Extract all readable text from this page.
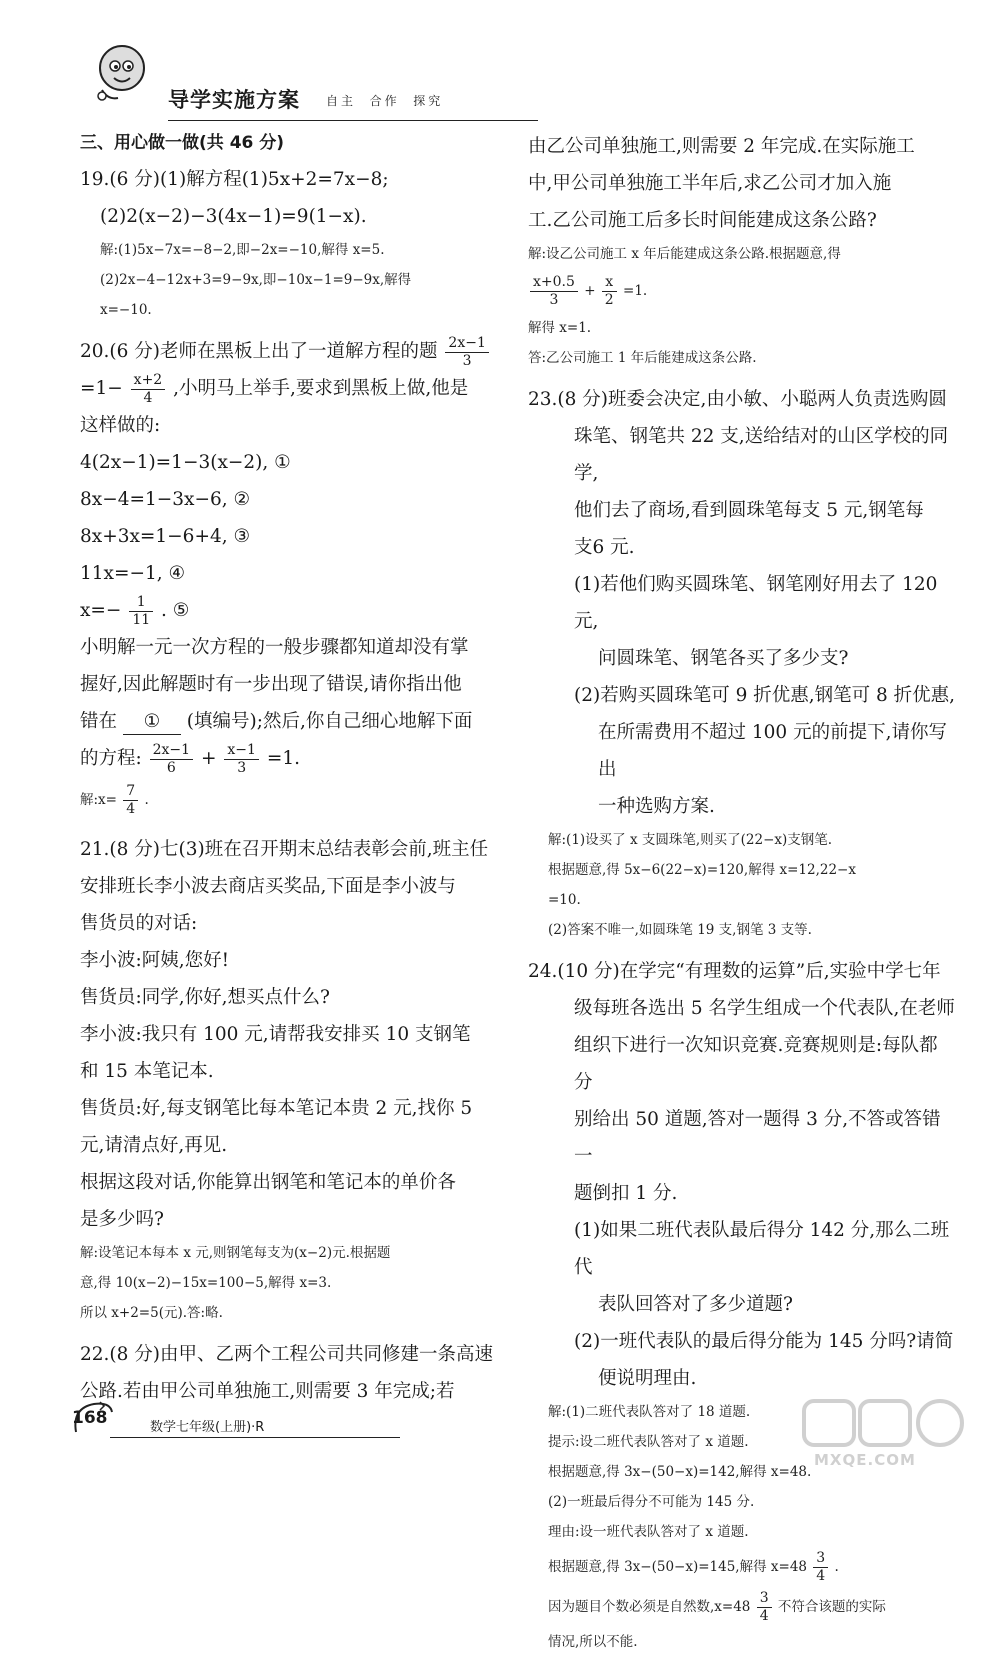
导学实施方案 自主  合作  探究
三、用心做一做(共 46 分)

19.(6 分)(1)解方程(1)5x+2=7x−8;

(2)2(x−2)−3(4x−1)=9(1−x).

解:(1)5x−7x=−8−2,即−2x=−10,解得 x=5.

(2)2x−4−12x+3=9−9x,即−10x−1=9−9x,解得

x=−10.

20.(6 分)老师在黑板上出了一道解方程的题 $\frac{2x-1}{3}$

$=1- \frac{x+2}{4}$ ,小明马上举手,要求到黑板上做,他是

这样做的:

4(2x−1)=1−3(x−2), ①

8x−4=1−3x−6, ②

8x+3x=1−6+4, ③

11x=−1, ④

$x=- \frac{1}{11}$ . ⑤

小明解一元一次方程的一般步骤都知道却没有掌

握好,因此解题时有一步出现了错误,请你指出他

错在 ① (填编号);然后,你自己细心地解下面

的方程: $\frac{2x-1}{6} + \frac{x-1}{3} =1$.

解:x= $\frac{7}{4}$ .

21.(8 分)七(3)班在召开期末总结表彰会前,班主任

安排班长李小波去商店买奖品,下面是李小波与

售货员的对话:

李小波:阿姨,您好!

售货员:同学,你好,想买点什么?

李小波:我只有 100 元,请帮我安排买 10 支钢笔

和 15 本笔记本.

售货员:好,每支钢笔比每本笔记本贵 2 元,找你 5

元,请清点好,再见.

根据这段对话,你能算出钢笔和笔记本的单价各

是多少吗?

解:设笔记本每本 x 元,则钢笔每支为(x−2)元.根据题

意,得 10(x−2)−15x=100−5,解得 x=3.

所以 x+2=5(元).答:略.

22.(8 分)由甲、乙两个工程公司共同修建一条高速

公路.若由甲公司单独施工,则需要 3 年完成;若

由乙公司单独施工,则需要 2 年完成.在实际施工

中,甲公司单独施工半年后,求乙公司才加入施

工.乙公司施工后多长时间能建成这条公路?

解:设乙公司施工 x 年后能建成这条公路.根据题意,得

$\frac{x+0.5}{3} + \frac{x}{2} =1$.

解得 x=1.

答:乙公司施工 1 年后能建成这条公路.

23.(8 分)班委会决定,由小敏、小聪两人负责选购圆

珠笔、钢笔共 22 支,送给结对的山区学校的同学,

他们去了商场,看到圆珠笔每支 5 元,钢笔每

支6 元.

(1)若他们购买圆珠笔、钢笔刚好用去了 120 元,

问圆珠笔、钢笔各买了多少支?

(2)若购买圆珠笔可 9 折优惠,钢笔可 8 折优惠,

在所需费用不超过 100 元的前提下,请你写出

一种选购方案.

解:(1)设买了 x 支圆珠笔,则买了(22−x)支钢笔.

根据题意,得 5x−6(22−x)=120,解得 x=12,22−x

=10.

(2)答案不唯一,如圆珠笔 19 支,钢笔 3 支等.

24.(10 分)在学完“有理数的运算”后,实验中学七年

级每班各选出 5 名学生组成一个代表队,在老师

组织下进行一次知识竞赛.竞赛规则是:每队都分

别给出 50 道题,答对一题得 3 分,不答或答错一

题倒扣 1 分.

(1)如果二班代表队最后得分 142 分,那么二班代

表队回答对了多少道题?

(2)一班代表队的最后得分能为 145 分吗?请简

便说明理由.

解:(1)二班代表队答对了 18 道题.

提示:设二班代表队答对了 x 道题.

根据题意,得 3x−(50−x)=142,解得 x=48.

(2)一班最后得分不可能为 145 分.

理由:设一班代表队答对了 x 道题.

根据题意,得 3x−(50−x)=145,解得 $x=48 \frac{3}{4}$ .

因为题目个数必须是自然数$,x=48 \frac{3}{4}$ 不符合该题的实际

情况,所以不能.

168	数学七年级(上册)·R
MXQE.COM
